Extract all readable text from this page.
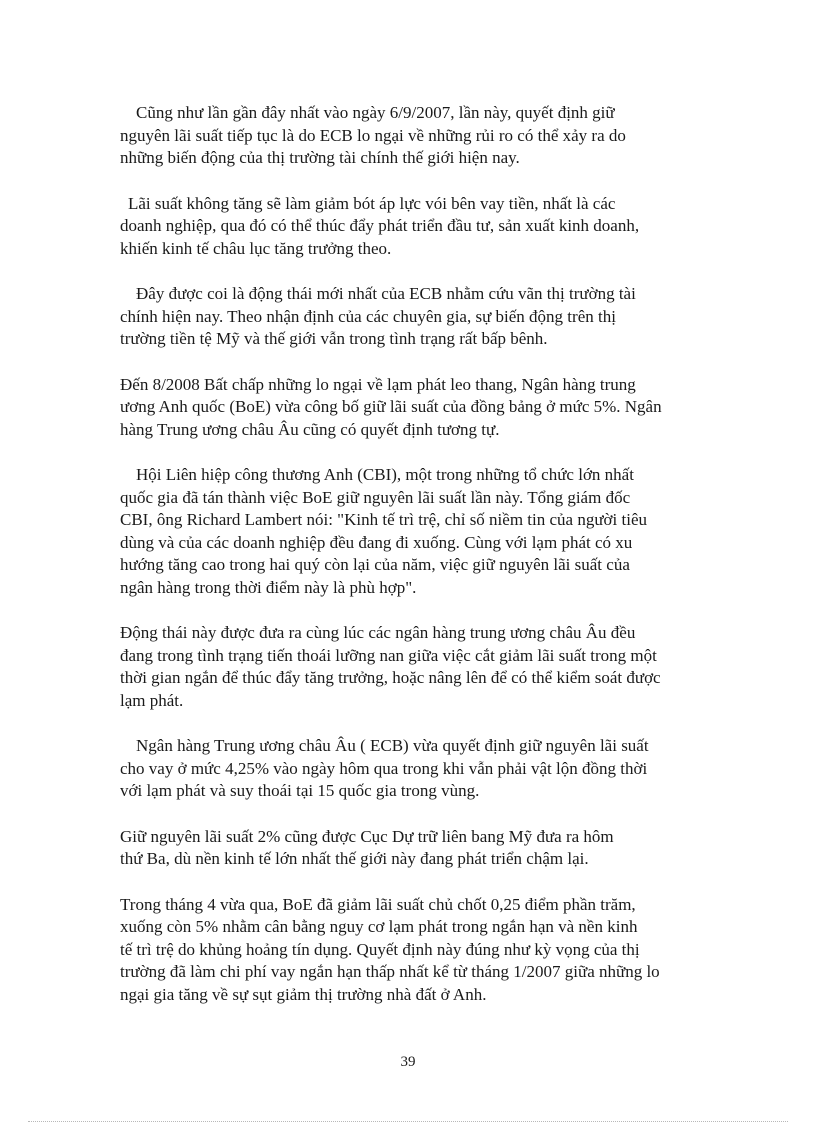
Cũng như lần gần đây nhất vào ngày 6/9/2007, lần này, quyết định giữ
nguyên lãi suất tiếp tục là do ECB lo ngại về những rủi ro có thể xảy ra do
những biến động của thị trường tài chính thế giới hiện nay.

Lãi suất không tăng sẽ làm giảm bót áp lực vói bên vay tiền, nhất là các
doanh nghiệp, qua đó có thể thúc đẩy phát triển đầu tư, sản xuất kinh doanh,
khiến kinh tế châu lục tăng trưởng theo.

Đây được coi là động thái mới nhất của ECB nhằm cứu vãn thị trường tài
chính hiện nay. Theo nhận định của các chuyên gia, sự biến động trên thị
trường tiền tệ Mỹ và thế giới vẫn trong tình trạng rất bấp bênh.

Đến 8/2008 Bất chấp những lo ngại về lạm phát leo thang, Ngân hàng trung
ương Anh quốc (BoE) vừa công bố giữ lãi suất của đồng bảng ở mức 5%. Ngân
hàng Trung ương châu Âu cũng có quyết định tương tự.

Hội Liên hiệp công thương Anh (CBI), một trong những tổ chức lớn nhất
quốc gia đã tán thành việc BoE giữ nguyên lãi suất lần này. Tổng giám đốc
CBI, ông Richard Lambert nói: "Kinh tế trì trệ, chỉ số niềm tin của người tiêu
dùng và của các doanh nghiệp đều đang đi xuống. Cùng với lạm phát có xu
hướng tăng cao trong hai quý còn lại của năm, việc giữ nguyên lãi suất của
ngân hàng trong thời điểm này là phù hợp".

Động thái này được đưa ra cùng lúc các ngân hàng trung ương châu Âu đều
đang trong tình trạng tiến thoái lưỡng nan giữa việc cắt giảm lãi suất trong một
thời gian ngắn để thúc đẩy tăng trưởng, hoặc nâng lên để có thể kiểm soát được
lạm phát.

Ngân hàng Trung ương châu Âu ( ECB) vừa quyết định giữ nguyên lãi suất
cho vay ở mức 4,25% vào ngày hôm qua trong khi vẫn phải vật lộn đồng thời
với lạm phát và suy thoái tại 15 quốc gia trong vùng.

Giữ nguyên lãi suất 2% cũng được Cục Dự trữ liên bang Mỹ đưa ra hôm
thứ Ba, dù nền kinh tế lớn nhất thế giới này đang phát triển chậm lại.

Trong tháng 4 vừa qua, BoE đã giảm lãi suất chủ chốt 0,25 điểm phần trăm,
xuống còn 5% nhằm cân bằng nguy cơ lạm phát trong ngắn hạn và nền kinh
tế trì trệ do khủng hoảng tín dụng. Quyết định này đúng như kỳ vọng của thị
trường đã làm chi phí vay ngắn hạn thấp nhất kể từ tháng 1/2007 giữa những lo
ngại gia tăng về sự sụt giảm thị trường nhà đất ở Anh.

39
